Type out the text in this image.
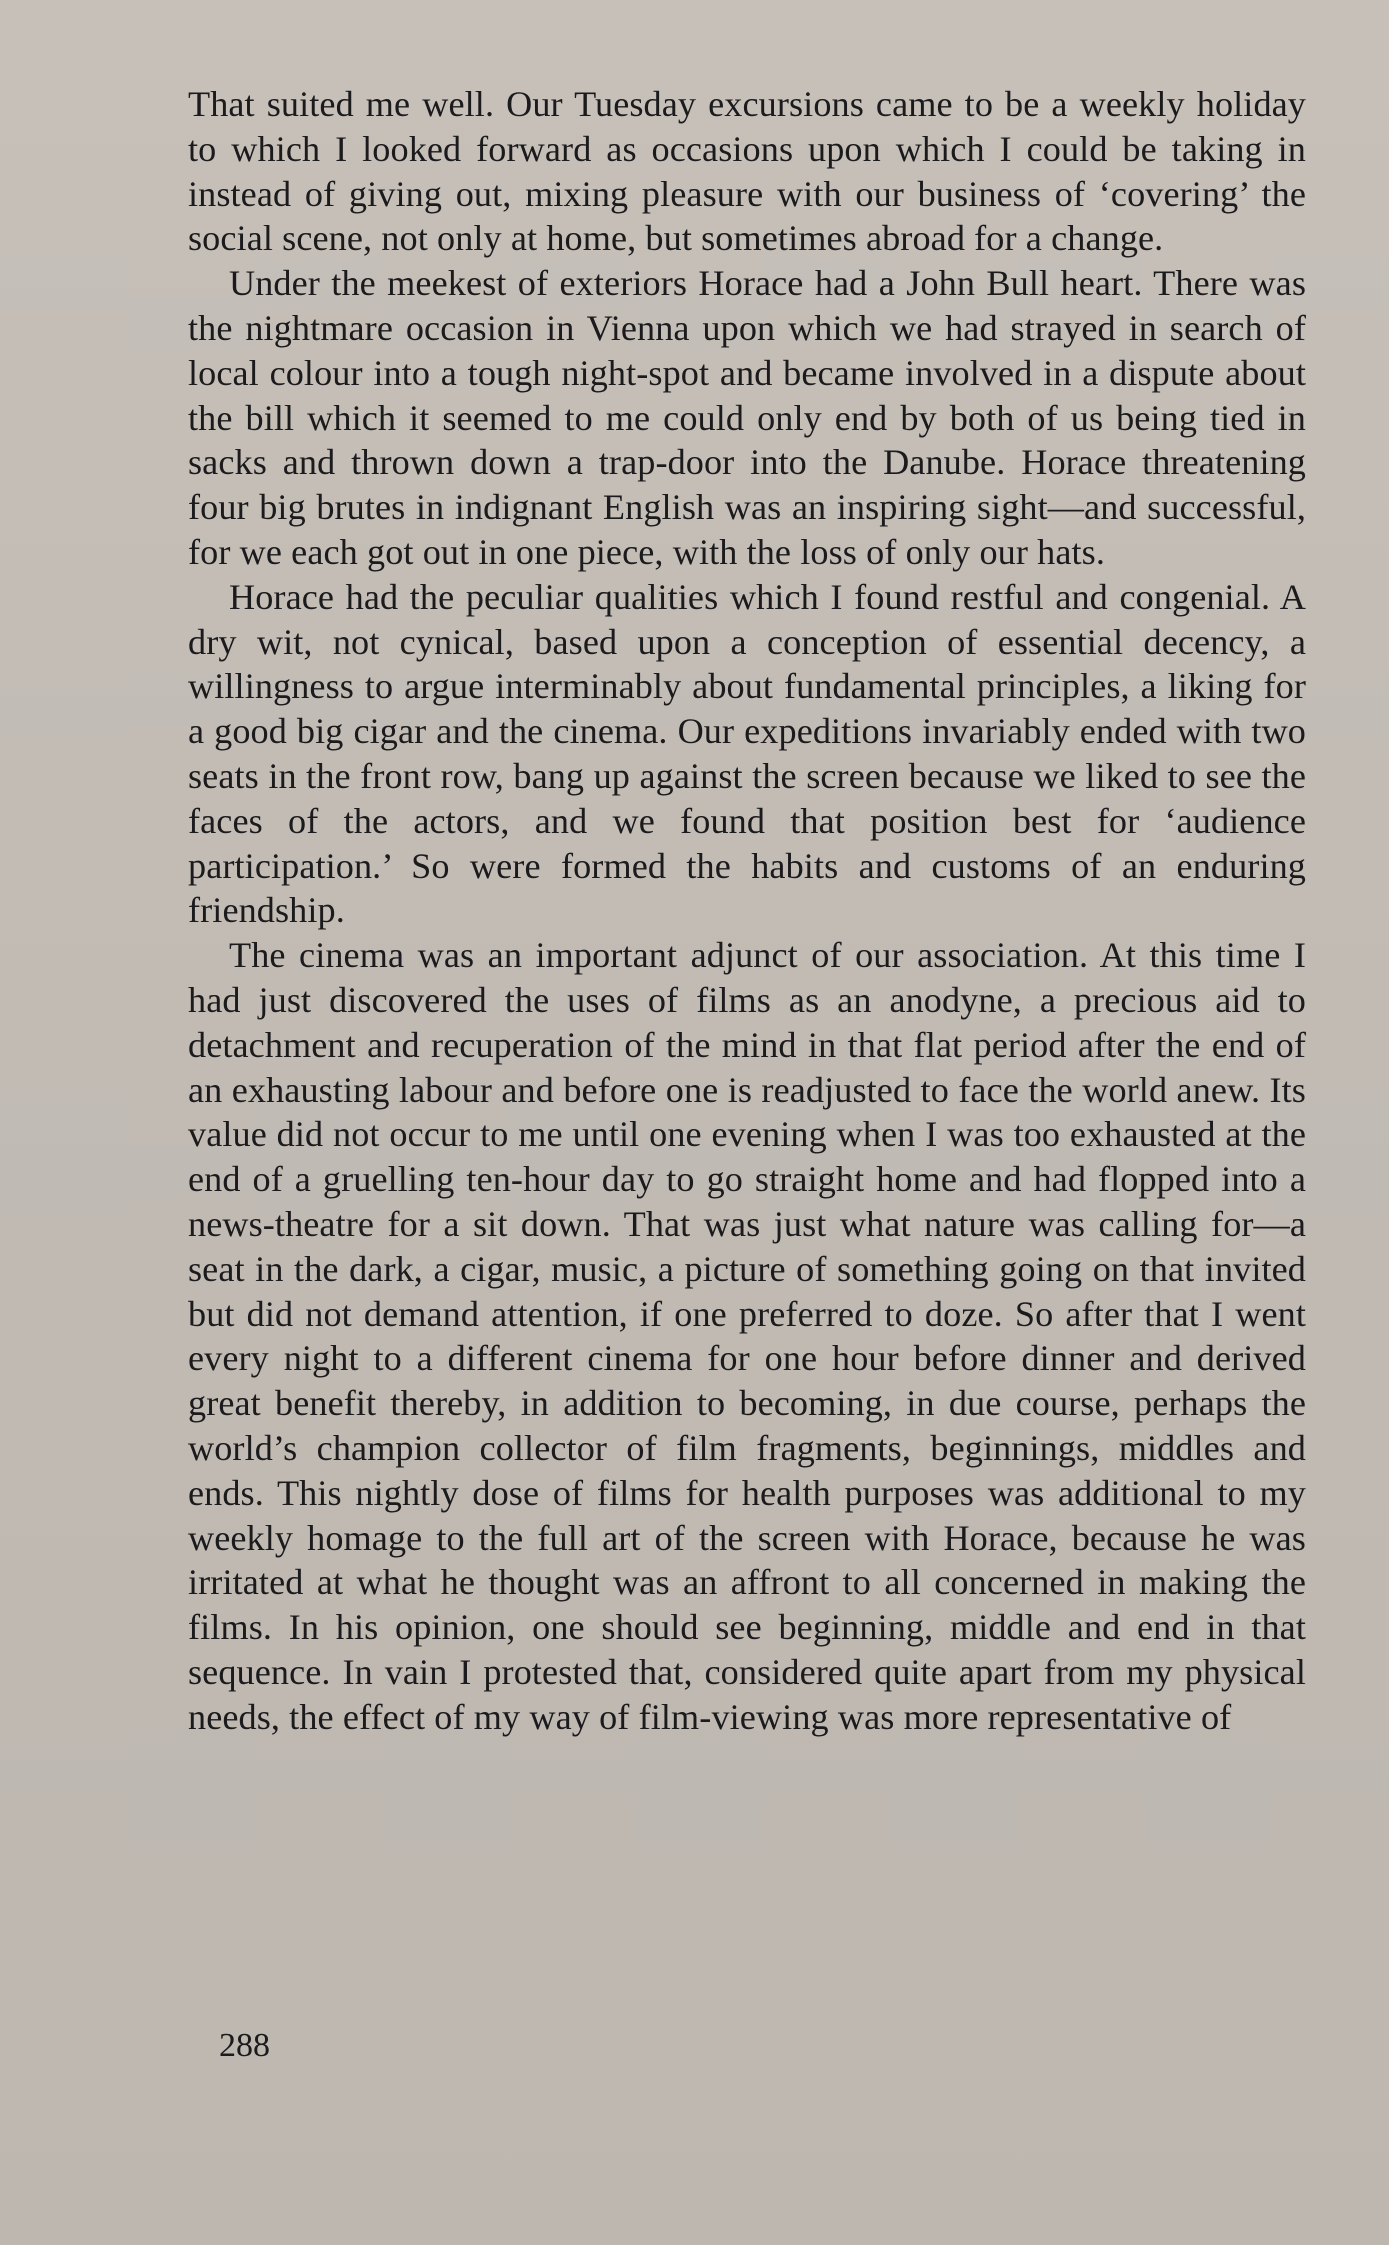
That suited me well. Our Tuesday excursions came to be a weekly holiday to which I looked forward as occasions upon which I could be taking in instead of giving out, mixing pleasure with our business of ‘covering’ the social scene, not only at home, but sometimes abroad for a change.

Under the meekest of exteriors Horace had a John Bull heart. There was the nightmare occasion in Vienna upon which we had strayed in search of local colour into a tough night-spot and became involved in a dispute about the bill which it seemed to me could only end by both of us being tied in sacks and thrown down a trap-door into the Danube. Horace threatening four big brutes in indignant English was an inspiring sight—and successful, for we each got out in one piece, with the loss of only our hats.

Horace had the peculiar qualities which I found restful and congenial. A dry wit, not cynical, based upon a conception of essential decency, a willingness to argue interminably about fundamental principles, a liking for a good big cigar and the cinema. Our expeditions invariably ended with two seats in the front row, bang up against the screen because we liked to see the faces of the actors, and we found that position best for ‘audience participation.’ So were formed the habits and customs of an enduring friendship.

The cinema was an important adjunct of our association. At this time I had just discovered the uses of films as an anodyne, a precious aid to detachment and recuperation of the mind in that flat period after the end of an exhausting labour and before one is readjusted to face the world anew. Its value did not occur to me until one evening when I was too exhausted at the end of a gruelling ten-hour day to go straight home and had flopped into a news-theatre for a sit down. That was just what nature was calling for—a seat in the dark, a cigar, music, a picture of something going on that invited but did not demand attention, if one preferred to doze. So after that I went every night to a different cinema for one hour before dinner and derived great benefit thereby, in addition to becoming, in due course, perhaps the world’s champion collector of film fragments, beginnings, middles and ends. This nightly dose of films for health purposes was additional to my weekly homage to the full art of the screen with Horace, because he was irritated at what he thought was an affront to all concerned in making the films. In his opinion, one should see beginning, middle and end in that sequence. In vain I protested that, considered quite apart from my physical needs, the effect of my way of film-viewing was more representative of

288
